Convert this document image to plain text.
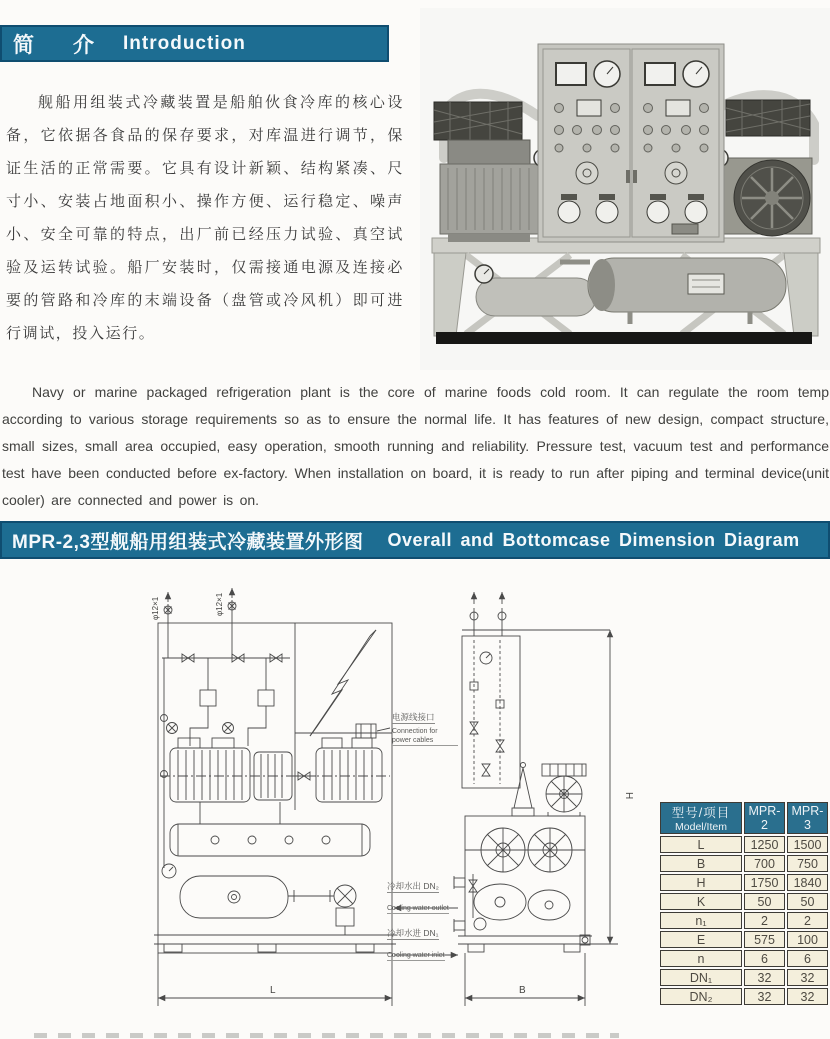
简　介 Introduction

舰船用组装式冷藏装置是船舶伙食冷库的核心设备，它依据各食品的保存要求，对库温进行调节，保证生活的正常需要。它具有设计新颖、结构紧凑、尺寸小、安装占地面积小、操作方便、运行稳定、噪声小、安全可靠的特点，出厂前已经压力试验、真空试验及运转试验。船厂安装时，仅需接通电源及连接必要的管路和冷库的末端设备（盘管或冷风机）即可进行调试，投入运行。

Navy or marine packaged refrigeration plant is the core of marine foods cold room. It can regulate the room temp according to various storage requirements so as to ensure the normal life. It has features of new design, compact structure, small sizes, small area occupied, easy operation, smooth running and reliability. Pressure test, vacuum test and performance test have been conducted before ex-factory. When installation on board, it is ready to run after piping and terminal device(unit cooler) are connected and power is on.

MPR-2,3型舰船用组装式冷藏装置外形图 Overall and Bottomcase Dimension Diagram
L	B
H
φ12×1	φ12×1
电源线接口
Connection for power cables
冷却水出 DN₂
Cooling water outlet
冷却水进 DN₁
Cooling water inlet
型号/项目
Model/Item	MPR-2	MPR-3
L	1250	1500
B	700	750
H	1750	1840
K	50	50
n₁	2	2
E	575	100
n	6	6
DN₁	32	32
DN₂	32	32
